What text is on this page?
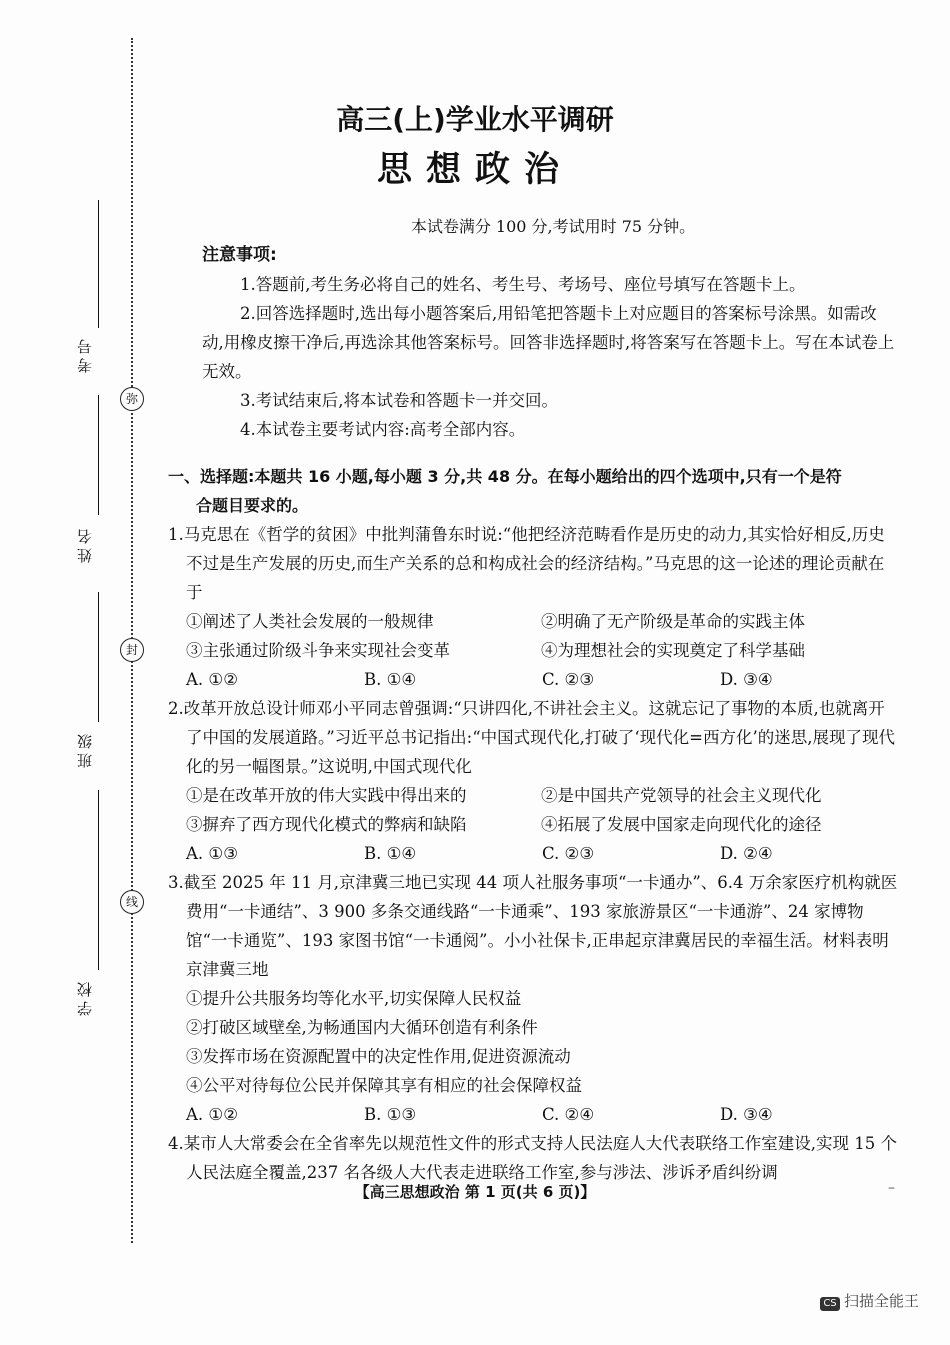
弥
封
线
考号
姓名
班级
学校
高三(上)学业水平调研
思想政治
本试卷满分 100 分,考试用时 75 分钟。
注意事项:
1.答题前,考生务必将自己的姓名、考生号、考场号、座位号填写在答题卡上。
2.回答选择题时,选出每小题答案后,用铅笔把答题卡上对应题目的答案标号涂黑。如需改动,用橡皮擦干净后,再选涂其他答案标号。回答非选择题时,将答案写在答题卡上。写在本试卷上无效。
3.考试结束后,将本试卷和答题卡一并交回。
4.本试卷主要考试内容:高考全部内容。
一、选择题:本题共 16 小题,每小题 3 分,共 48 分。在每小题给出的四个选项中,只有一个是符
合题目要求的。
1.马克思在《哲学的贫困》中批判蒲鲁东时说:“他把经济范畴看作是历史的动力,其实恰好相反,历史不过是生产发展的历史,而生产关系的总和构成社会的经济结构。”马克思的这一论述的理论贡献在于
①阐述了人类社会发展的一般规律	②明确了无产阶级是革命的实践主体
③主张通过阶级斗争来实现社会变革	④为理想社会的实现奠定了科学基础
A. ①②	B. ①④	C. ②③	D. ③④
2.改革开放总设计师邓小平同志曾强调:“只讲四化,不讲社会主义。这就忘记了事物的本质,也就离开了中国的发展道路。”习近平总书记指出:“中国式现代化,打破了‘现代化=西方化’的迷思,展现了现代化的另一幅图景。”这说明,中国式现代化
①是在改革开放的伟大实践中得出来的	②是中国共产党领导的社会主义现代化
③摒弃了西方现代化模式的弊病和缺陷	④拓展了发展中国家走向现代化的途径
A. ①③	B. ①④	C. ②③	D. ②④
3.截至 2025 年 11 月,京津冀三地已实现 44 项人社服务事项“一卡通办”、6.4 万余家医疗机构就医费用“一卡通结”、3 900 多条交通线路“一卡通乘”、193 家旅游景区“一卡通游”、24 家博物馆“一卡通览”、193 家图书馆“一卡通阅”。小小社保卡,正串起京津冀居民的幸福生活。材料表明京津冀三地
①提升公共服务均等化水平,切实保障人民权益
②打破区域壁垒,为畅通国内大循环创造有利条件
③发挥市场在资源配置中的决定性作用,促进资源流动
④公平对待每位公民并保障其享有相应的社会保障权益
A. ①②	B. ①③	C. ②④	D. ③④
4.某市人大常委会在全省率先以规范性文件的形式支持人民法庭人大代表联络工作室建设,实现 15 个人民法庭全覆盖,237 名各级人大代表走进联络工作室,参与涉法、涉诉矛盾纠纷调
【高三思想政治 第 1 页(共 6 页)】	–
CS 扫描全能王
